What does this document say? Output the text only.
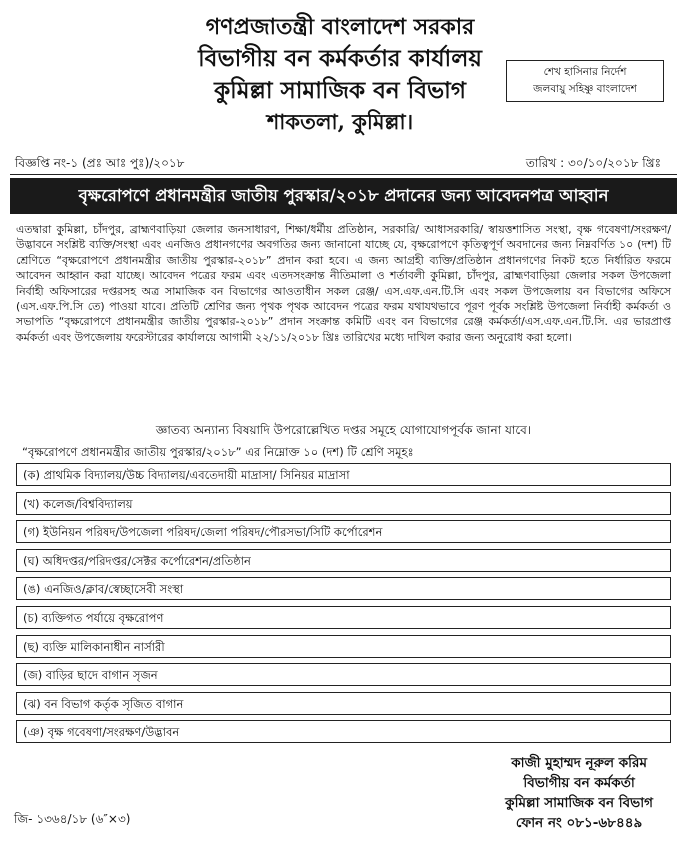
গণপ্রজাতন্ত্রী বাংলাদেশ সরকার
বিভাগীয় বন কর্মকর্তার কার্যালয়
কুমিল্লা সামাজিক বন বিভাগ
শাকতলা, কুমিল্লা।
শেখ হাসিনার নির্দেশ
জলবায়ু সহিষ্ণু বাংলাদেশ
বিজ্ঞপ্তি নং-১ (প্রঃ আঃ পুঃ)/২০১৮	তারিখ : ৩০/১০/২০১৮ খ্রিঃ
বৃক্ষরোপণে প্রধানমন্ত্রীর জাতীয় পুরস্কার/২০১৮ প্রদানের জন্য আবেদনপত্র আহ্বান
এতদ্বারা কুমিল্লা, চাঁদপুর, ব্রাহ্মণবাড়িয়া জেলার জনসাধারণ, শিক্ষা/ধর্মীয় প্রতিষ্ঠান, সরকারি/ আধাসরকারি/ স্বায়ত্তশাসিত সংস্থা, বৃক্ষ গবেষণা/সংরক্ষণ/উদ্ভাবনে সংশ্লিষ্ট ব্যক্তি/সংস্থা এবং এনজিও প্রধানগণের অবগতির জন্য জানানো যাচ্ছে যে, বৃক্ষরোপণে কৃতিত্বপূর্ণ অবদানের জন্য নিম্নবর্ণিত ১০ (দশ) টি শ্রেণিতে “বৃক্ষরোপণে প্রধানমন্ত্রীর জাতীয় পুরস্কার-২০১৮” প্রদান করা হবে। এ জন্য আগ্রহী ব্যক্তি/প্রতিষ্ঠান প্রধানগণের নিকট হতে নির্ধারিত ফরমে আবেদন আহ্বান করা যাচ্ছে। আবেদন পত্রের ফরম এবং এতদসংক্রান্ত নীতিমালা ও শর্তাবলী কুমিল্লা, চাঁদপুর, ব্রাহ্মণবাড়িয়া জেলার সকল উপজেলা নির্বাহী অফিসারের দপ্তরসহ অত্র সামাজিক বন বিভাগের আওতাধীন সকল রেঞ্জ/ এস.এফ.এন.টি.সি এবং সকল উপজেলায় বন বিভাগের অফিসে (এস.এফ.পি.সি তে) পাওয়া যাবে। প্রতিটি শ্রেণির জন্য পৃথক পৃথক আবেদন পত্রের ফরম যথাযথভাবে পূরণ পূর্বক সংশ্লিষ্ট উপজেলা নির্বাহী কর্মকর্তা ও সভাপতি “বৃক্ষরোপণে প্রধানমন্ত্রীর জাতীয় পুরস্কার-২০১৮” প্রদান সংক্রান্ত কমিটি এবং বন বিভাগের রেঞ্জ কর্মকর্তা/এস.এফ.এন.টি.সি. এর ভারপ্রাপ্ত কর্মকর্তা এবং উপজেলায় ফরেস্টারের কার্যালয়ে আগামী ২২/১১/২০১৮ খ্রিঃ তারিখের মধ্যে দাখিল করার জন্য অনুরোধ করা হলো।
জ্ঞাতব্য অন্যান্য বিষয়াদি উপরোল্লেখিত দপ্তর সমূহে যোগাযোগপূর্বক জানা যাবে।
“বৃক্ষরোপণে প্রধানমন্ত্রীর জাতীয় পুরস্কার/২০১৮” এর নিম্নোক্ত ১০ (দশ) টি শ্রেণি সমূহঃ
(ক) প্রাথমিক বিদ্যালয়/উচ্চ বিদ্যালয়/এবতেদায়ী মাদ্রাসা/ সিনিয়র মাদ্রাসা
(খ) কলেজ/বিশ্ববিদ্যালয়
(গ) ইউনিয়ন পরিষদ/উপজেলা পরিষদ/জেলা পরিষদ/পৌরসভা/সিটি কর্পোরেশন
(ঘ) অধিদপ্তর/পরিদপ্তর/সেক্টর কর্পোরেশন/প্রতিষ্ঠান
(ঙ) এনজিও/ক্লাব/স্বেচ্ছাসেবী সংস্থা
(চ) ব্যক্তিগত পর্যায়ে বৃক্ষরোপণ
(ছ) ব্যক্তি মালিকানাধীন নার্সারী
(জ) বাড়ির ছাদে বাগান সৃজন
(ঝ) বন বিভাগ কর্তৃক সৃজিত বাগান
(ঞ) বৃক্ষ গবেষণা/সংরক্ষণ/উদ্ভাবন
কাজী মুহাম্মদ নূরুল করিম
বিভাগীয় বন কর্মকর্তা
কুমিল্লা সামাজিক বন বিভাগ
ফোন নং ০৮১-৬৮৪৪৯
জি- ১৩৬৪/১৮ (৬″×৩)
